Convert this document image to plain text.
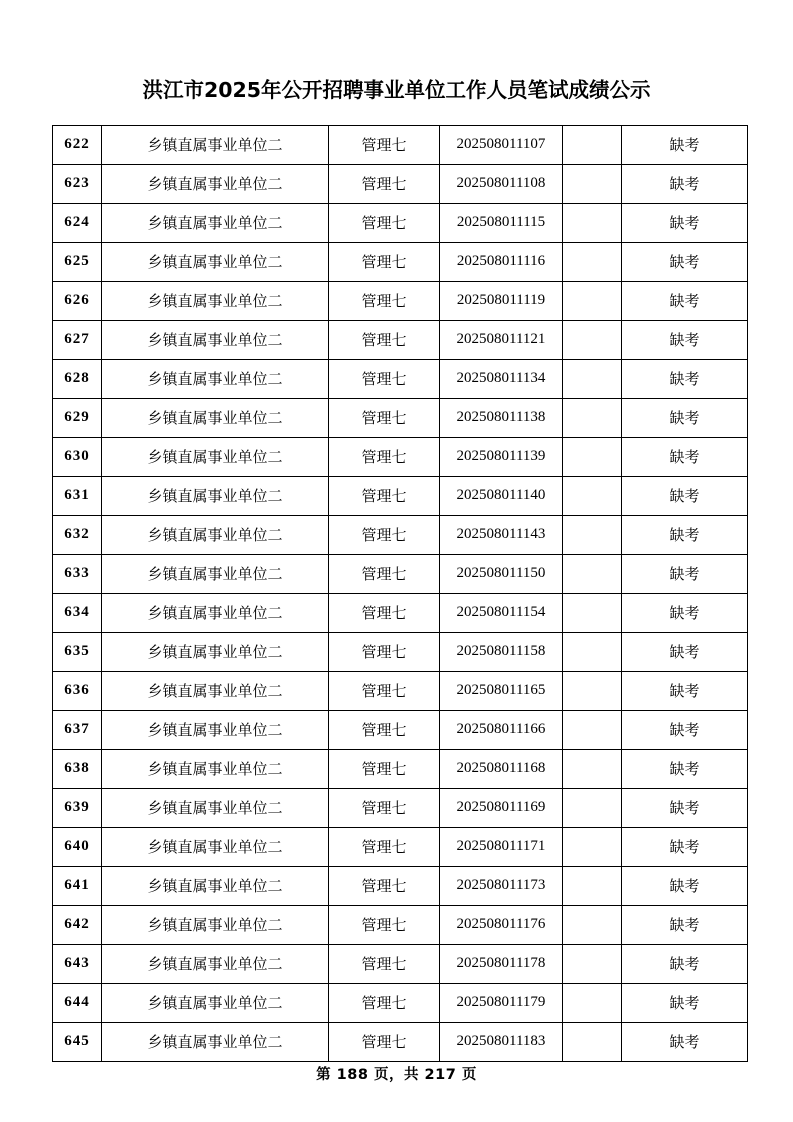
洪江市2025年公开招聘事业单位工作人员笔试成绩公示
622	乡镇直属事业单位二	管理七	202508011107		缺考
623	乡镇直属事业单位二	管理七	202508011108		缺考
624	乡镇直属事业单位二	管理七	202508011115		缺考
625	乡镇直属事业单位二	管理七	202508011116		缺考
626	乡镇直属事业单位二	管理七	202508011119		缺考
627	乡镇直属事业单位二	管理七	202508011121		缺考
628	乡镇直属事业单位二	管理七	202508011134		缺考
629	乡镇直属事业单位二	管理七	202508011138		缺考
630	乡镇直属事业单位二	管理七	202508011139		缺考
631	乡镇直属事业单位二	管理七	202508011140		缺考
632	乡镇直属事业单位二	管理七	202508011143		缺考
633	乡镇直属事业单位二	管理七	202508011150		缺考
634	乡镇直属事业单位二	管理七	202508011154		缺考
635	乡镇直属事业单位二	管理七	202508011158		缺考
636	乡镇直属事业单位二	管理七	202508011165		缺考
637	乡镇直属事业单位二	管理七	202508011166		缺考
638	乡镇直属事业单位二	管理七	202508011168		缺考
639	乡镇直属事业单位二	管理七	202508011169		缺考
640	乡镇直属事业单位二	管理七	202508011171		缺考
641	乡镇直属事业单位二	管理七	202508011173		缺考
642	乡镇直属事业单位二	管理七	202508011176		缺考
643	乡镇直属事业单位二	管理七	202508011178		缺考
644	乡镇直属事业单位二	管理七	202508011179		缺考
645	乡镇直属事业单位二	管理七	202508011183		缺考
第 188 页，共 217 页
